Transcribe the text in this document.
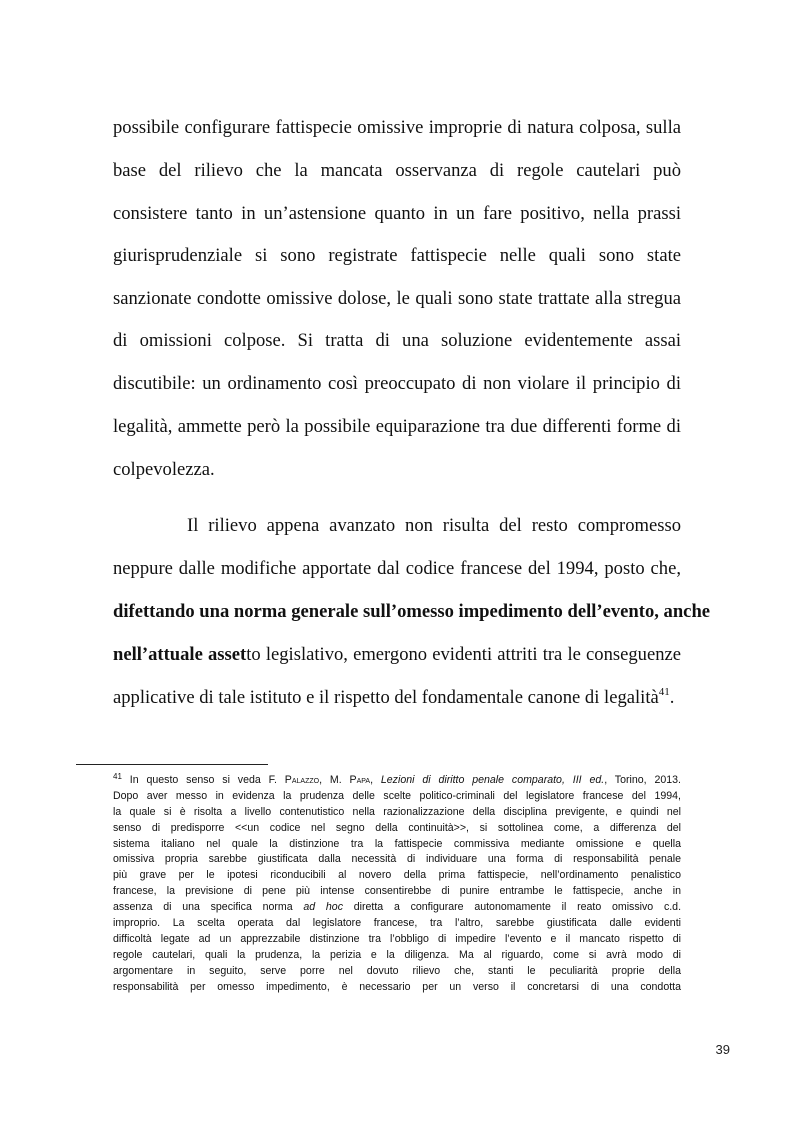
possibile configurare fattispecie omissive improprie di natura colposa, sulla
base del rilievo che la mancata osservanza di regole cautelari può
consistere tanto in un’astensione quanto in un fare positivo, nella prassi
giurisprudenziale si sono registrate fattispecie nelle quali sono state
sanzionate condotte omissive dolose, le quali sono state trattate alla stregua
di omissioni colpose. Si tratta di una soluzione evidentemente assai
discutibile: un ordinamento così preoccupato di non violare il principio di
legalità, ammette però la possibile equiparazione tra due differenti forme di
colpevolezza.
Il rilievo appena avanzato non risulta del resto compromesso
neppure dalle modifiche apportate dal codice francese del 1994, posto che,
difettando una norma generale sull’omesso impedimento dell’evento, anche
nell’attuale assetto legislativo, emergono evidenti attriti tra le conseguenze
applicative di tale istituto e il rispetto del fondamentale canone di legalità$^{41}$.
$^{41}$ In questo senso si veda F. Palazzo, M. Papa, Lezioni di diritto penale comparato, III ed., Torino, 2013.
Dopo aver messo in evidenza la prudenza delle scelte politico-criminali del legislatore francese del 1994,
la quale si è risolta a livello contenutistico nella razionalizzazione della disciplina previgente, e quindi nel
senso di predisporre <<un codice nel segno della continuità>>, si sottolinea come, a differenza del
sistema italiano nel quale la distinzione tra la fattispecie commissiva mediante omissione e quella
omissiva propria sarebbe giustificata dalla necessità di individuare una forma di responsabilità penale
più grave per le ipotesi riconducibili al novero della prima fattispecie, nell’ordinamento penalistico
francese, la previsione di pene più intense consentirebbe di punire entrambe le fattispecie, anche in
assenza di una specifica norma ad hoc diretta a configurare autonomamente il reato omissivo c.d.
improprio. La scelta operata dal legislatore francese, tra l’altro, sarebbe giustificata dalle evidenti
difficoltà legate ad un apprezzabile distinzione tra l’obbligo di impedire l’evento e il mancato rispetto di
regole cautelari, quali la prudenza, la perizia e la diligenza. Ma al riguardo, come si avrà modo di
argomentare in seguito, serve porre nel dovuto rilievo che, stanti le peculiarità proprie della
responsabilità per omesso impedimento, è necessario per un verso il concretarsi di una condotta
39
